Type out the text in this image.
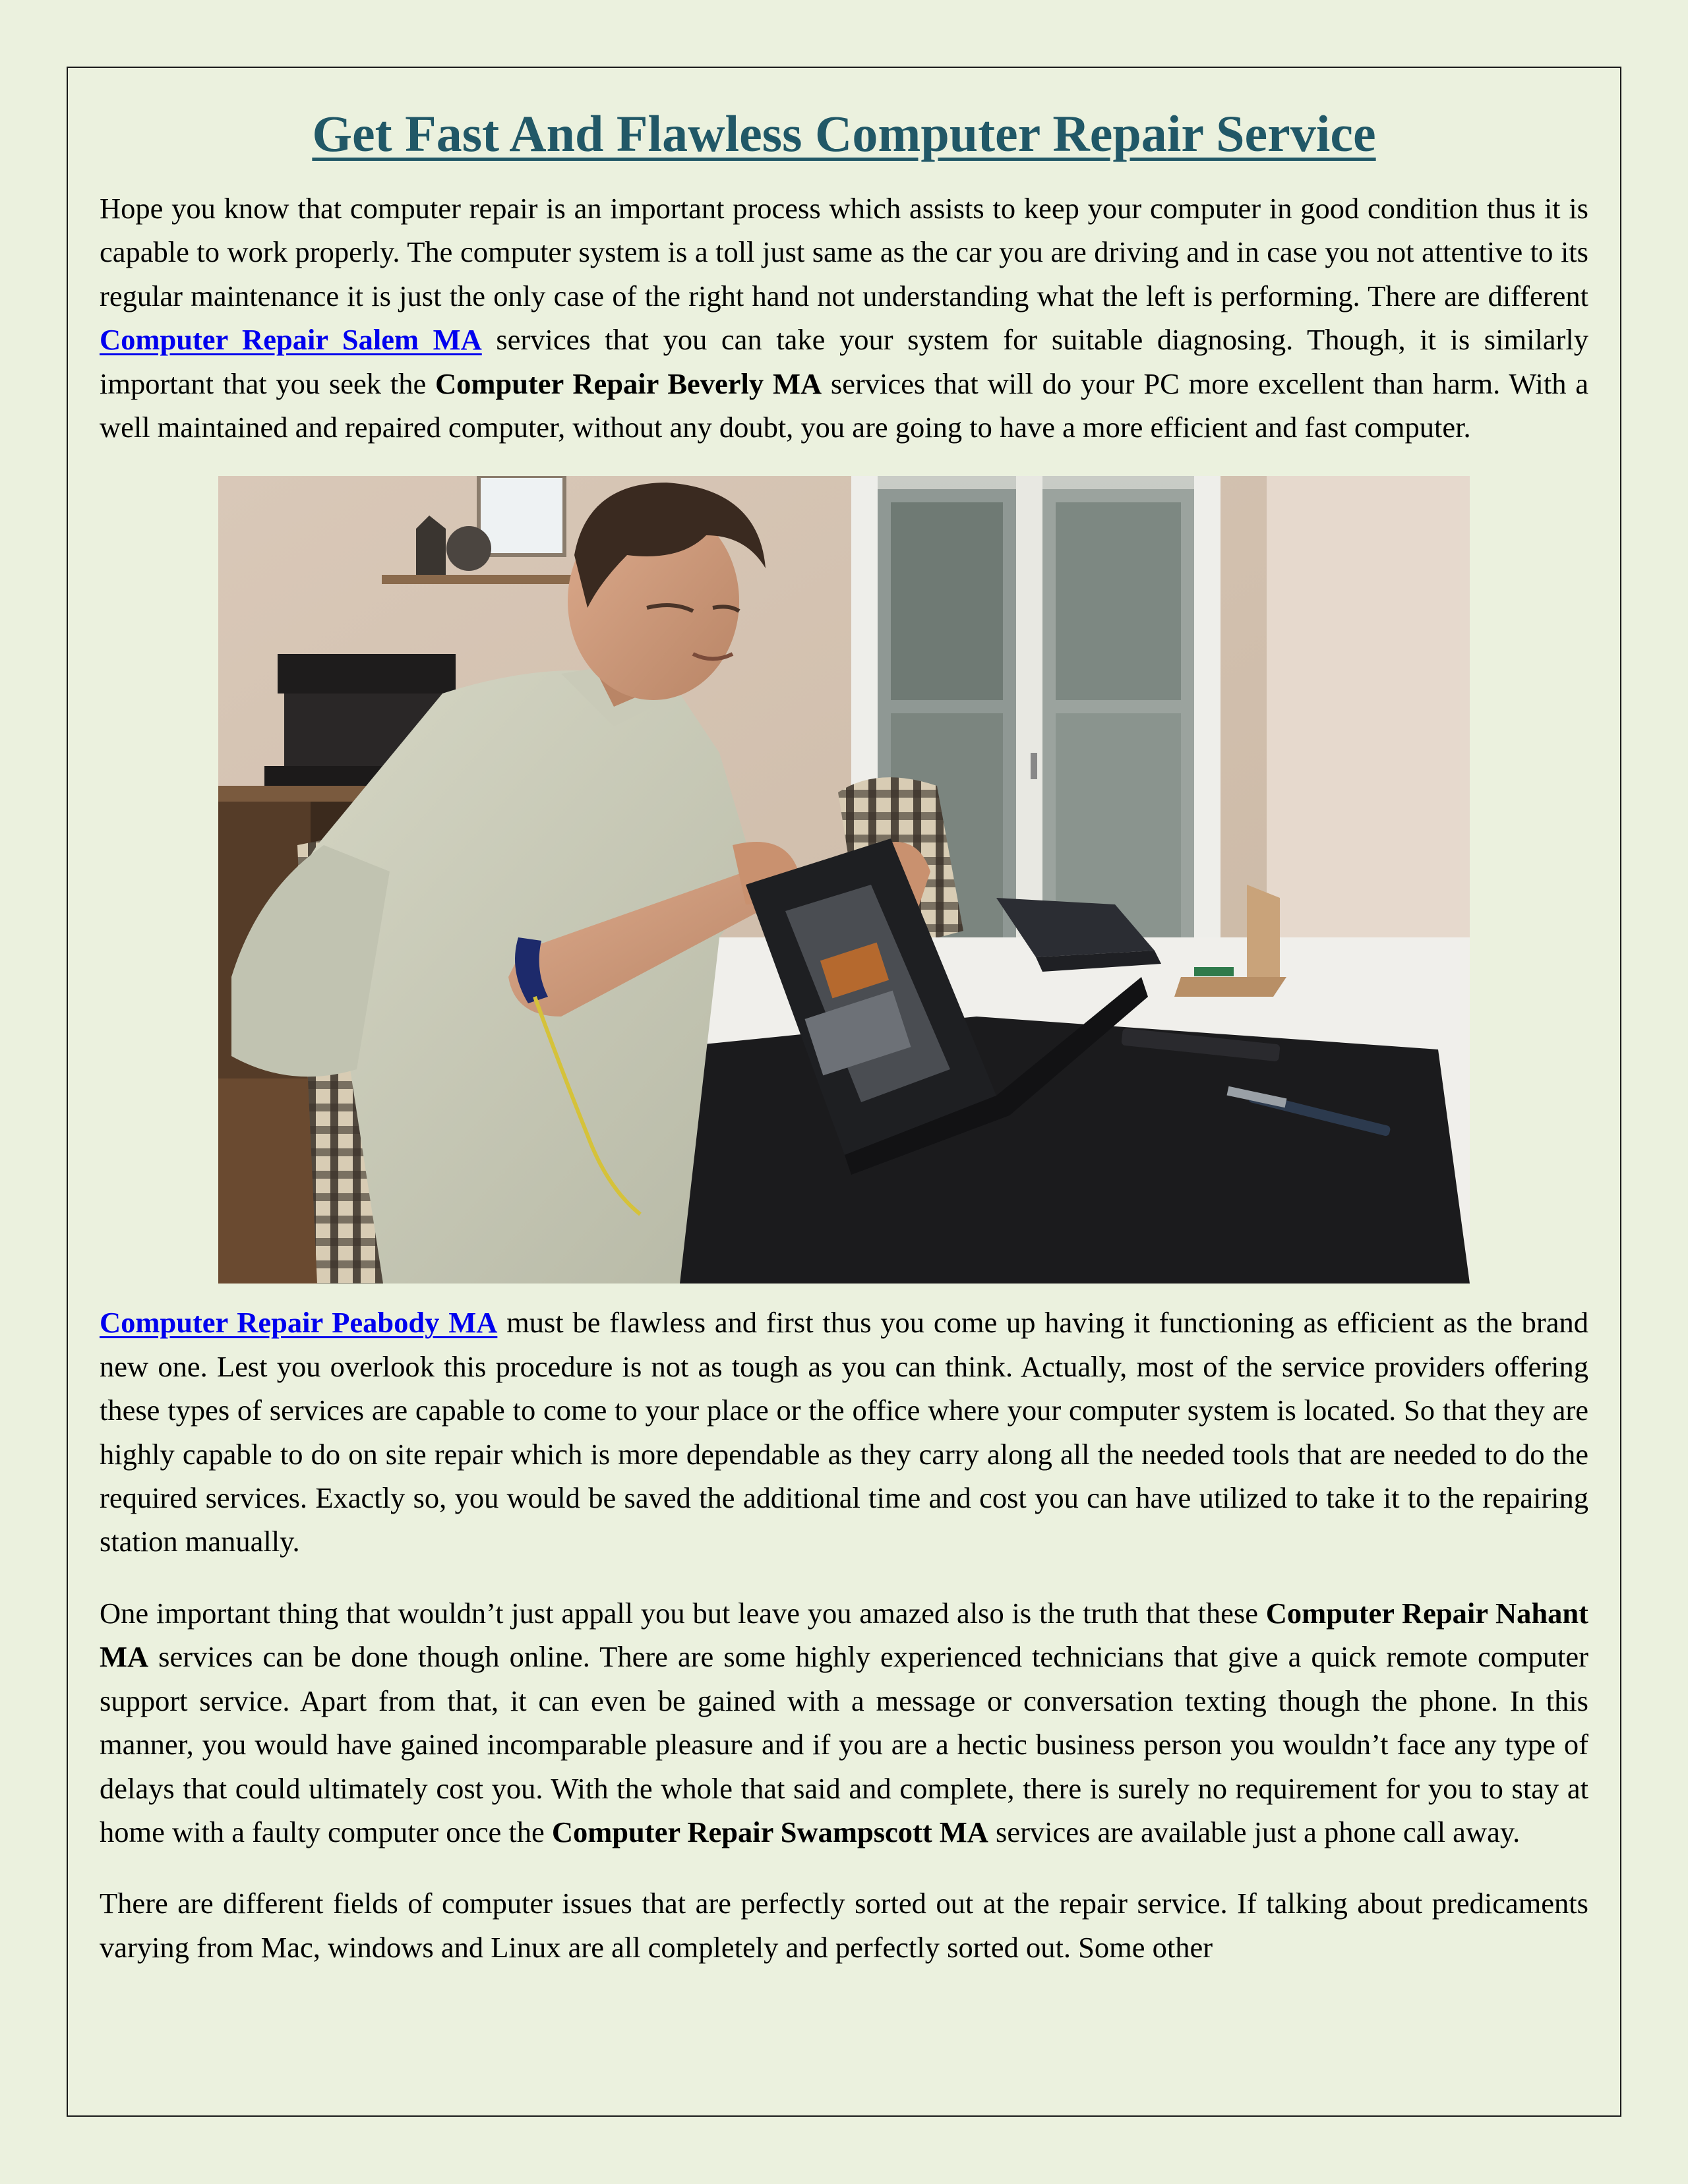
Get Fast And Flawless Computer Repair Service

Hope you know that computer repair is an important process which assists to keep your computer in good condition thus it is capable to work properly. The computer system is a toll just same as the car you are driving and in case you not attentive to its regular maintenance it is just the only case of the right hand not understanding what the left is performing. There are different Computer Repair Salem MA services that you can take your system for suitable diagnosing. Though, it is similarly important that you seek the Computer Repair Beverly MA services that will do your PC more excellent than harm. With a well maintained and repaired computer, without any doubt, you are going to have a more efficient and fast computer.

Computer Repair Peabody MA must be flawless and first thus you come up having it functioning as efficient as the brand new one. Lest you overlook this procedure is not as tough as you can think. Actually, most of the service providers offering these types of services are capable to come to your place or the office where your computer system is located. So that they are highly capable to do on site repair which is more dependable as they carry along all the needed tools that are needed to do the required services. Exactly so, you would be saved the additional time and cost you can have utilized to take it to the repairing station manually.

One important thing that wouldn’t just appall you but leave you amazed also is the truth that these Computer Repair Nahant MA services can be done though online. There are some highly experienced technicians that give a quick remote computer support service. Apart from that, it can even be gained with a message or conversation texting though the phone. In this manner, you would have gained incomparable pleasure and if you are a hectic business person you wouldn’t face any type of delays that could ultimately cost you. With the whole that said and complete, there is surely no requirement for you to stay at home with a faulty computer once the Computer Repair Swampscott MA services are available just a phone call away.

There are different fields of computer issues that are perfectly sorted out at the repair service. If talking about predicaments varying from Mac, windows and Linux are all completely and perfectly sorted out. Some other
